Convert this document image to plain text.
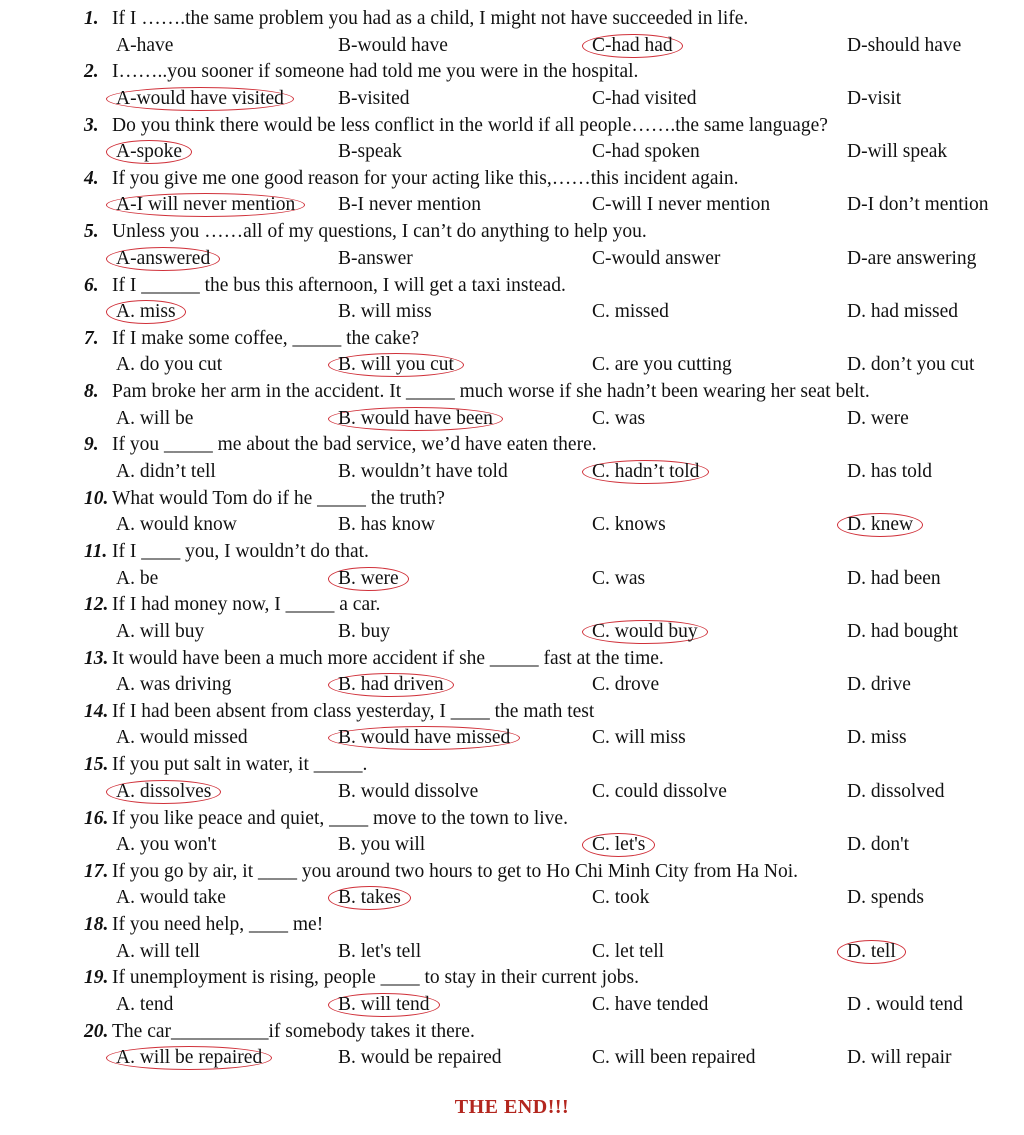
1. If I …….the same problem you had as a child, I might not have succeeded in life.
A-have	B-would have	C-had had	D-should have
2. I……..you sooner if someone had told me you were in the hospital.
A-would have visited	B-visited	C-had visited	D-visit
3. Do you think there would be less conflict in the world if all people…….the same language?
A-spoke	B-speak	C-had spoken	D-will speak
4. If you give me one good reason for your acting like this,……this incident again.
A-I will never mention	B-I never mention	C-will I never mention	D-I don’t mention
5. Unless you ……all of my questions, I can’t do anything to help you.
A-answered	B-answer	C-would answer	D-are answering
6. If I ______ the bus this afternoon, I will get a taxi instead.
A. miss	B. will miss	C. missed	D. had missed
7. If I make some coffee, _____ the cake?
A. do you cut	B. will you cut	C. are you cutting	D. don’t you cut
8. Pam broke her arm in the accident. It _____ much worse if she hadn’t been wearing her seat belt.
A. will be	B. would have been	C. was	D. were
9. If you _____ me about the bad service, we’d have eaten there.
A. didn’t tell	B. wouldn’t have told	C. hadn’t told	D. has told
10. What would Tom do if he _____ the truth?
A. would know	B. has know	C. knows	D. knew
11. If I ____ you, I wouldn’t do that.
A. be	B. were	C. was	D. had been
12. If I had money now, I _____ a car.
A. will buy	B. buy	C. would buy	D. had bought
13. It would have been a much more accident if she _____ fast at the time.
A. was driving	B. had driven	C. drove	D. drive
14. If I had been absent from class yesterday, I ____ the math test
A. would missed	B. would have missed	C. will miss	D. miss
15. If you put salt in water, it _____.
A. dissolves	B. would dissolve	C. could dissolve	D. dissolved
16. If you like peace and quiet, ____ move to the town to live.
A. you won't	B. you will	C. let's	D. don't
17. If you go by air, it ____ you around two hours to get to Ho Chi Minh City from Ha Noi.
A. would take	B. takes	C. took	D. spends
18. If you need help, ____ me!
A. will tell	B. let's tell	C. let tell	D. tell
19. If unemployment is rising, people ____ to stay in their current jobs.
A. tend	B. will tend	C. have tended	D . would tend
20. The car__________if somebody takes it there.
A. will be repaired	B. would be repaired	C. will been repaired	D. will repair
THE END!!!
